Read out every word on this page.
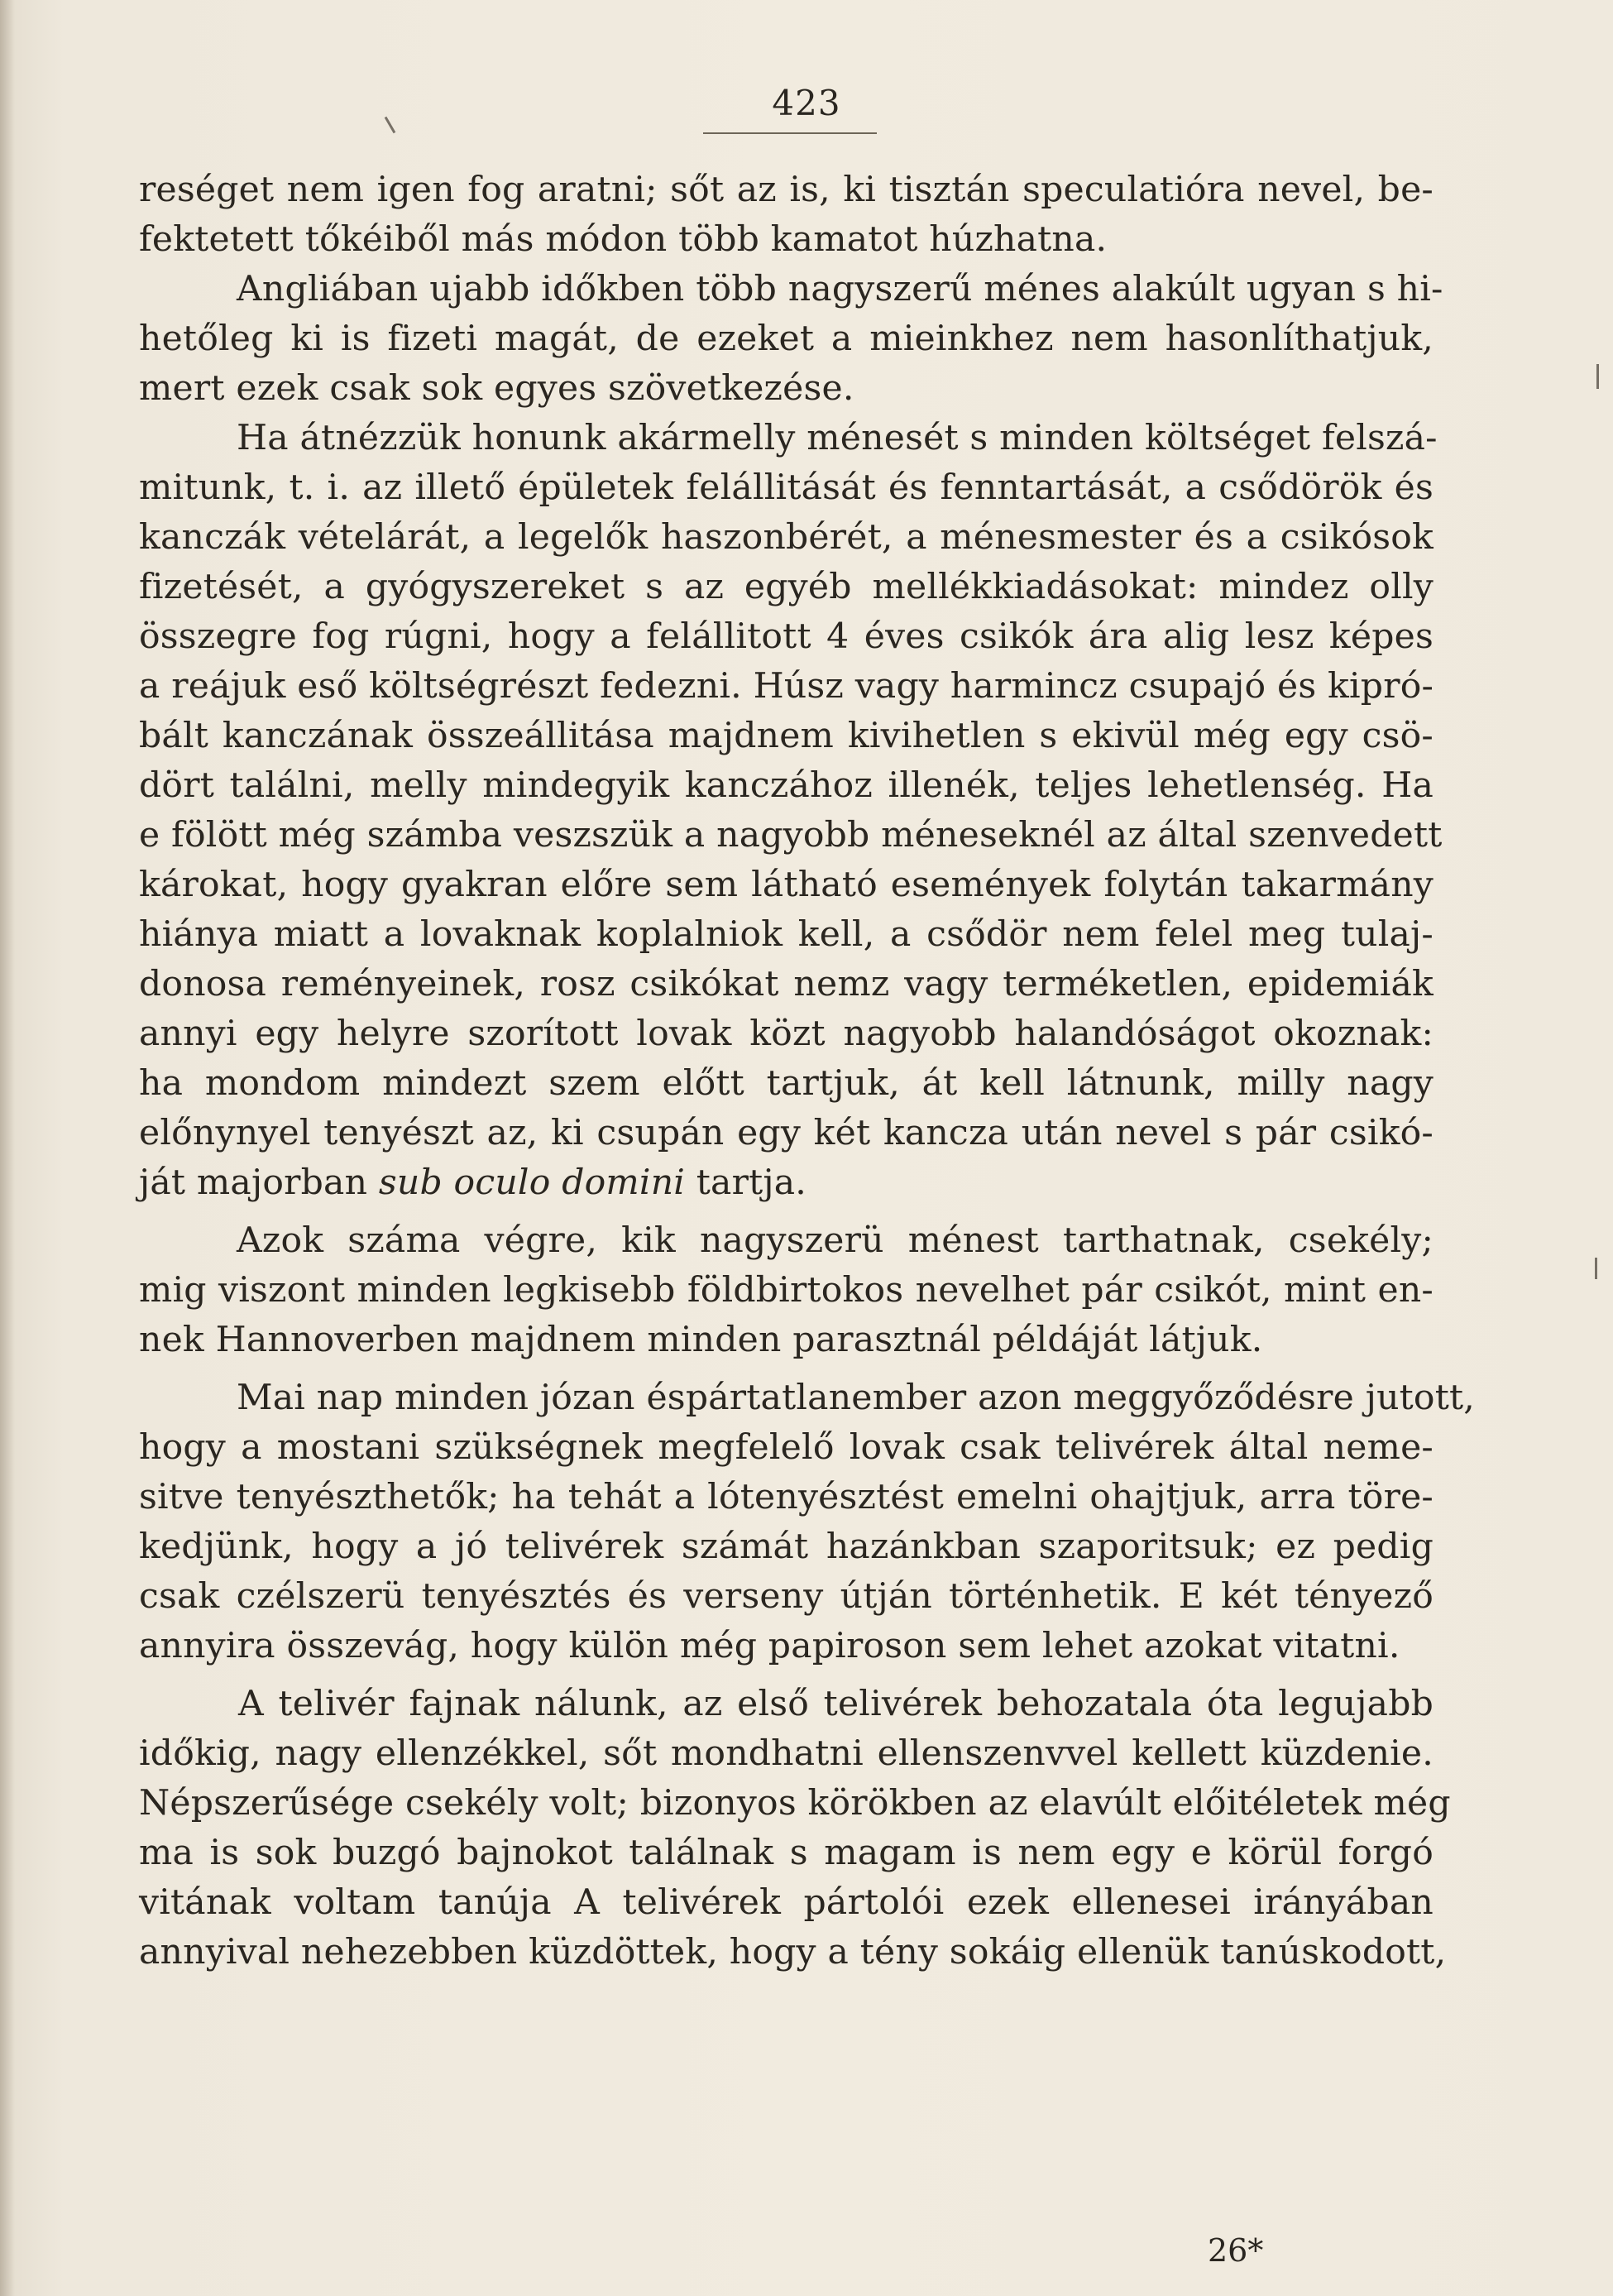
423
reséget nem igen fog aratni; sőt az is, ki tisztán speculatióra nevel, be-
fektetett tőkéiből más módon több kamatot húzhatna.
Angliában ujabb időkben több nagyszerű ménes alakúlt ugyan s hi-
hetőleg ki is fizeti magát, de ezeket a mieinkhez nem hasonlíthatjuk,
mert ezek csak sok egyes szövetkezése.
Ha átnézzük honunk akármelly ménesét s minden költséget felszá-
mitunk, t. i. az illető épületek felállitását és fenntartását, a csődörök és
kanczák vételárát, a legelők haszonbérét, a ménesmester és a csikósok
fizetését, a gyógyszereket s az egyéb mellékkiadásokat: mindez olly
összegre fog rúgni, hogy a felállitott 4 éves csikók ára alig lesz képes
a reájuk eső költségrészt fedezni. Húsz vagy harmincz csupajó és kipró-
bált kanczának összeállitása majdnem kivihetlen s ekivül még egy csö-
dört találni, melly mindegyik kanczához illenék, teljes lehetlenség. Ha
e fölött még számba veszszük a nagyobb méneseknél az által szenvedett
károkat, hogy gyakran előre sem látható események folytán takarmány
hiánya miatt a lovaknak koplalniok kell, a csődör nem felel meg tulaj-
donosa reményeinek, rosz csikókat nemz vagy terméketlen, epidemiák
annyi egy helyre szorított lovak közt nagyobb halandóságot okoznak:
ha mondom mindezt szem előtt tartjuk, át kell látnunk, milly nagy
előnynyel tenyészt az, ki csupán egy két kancza után nevel s pár csikó-
ját majorban sub oculo domini tartja.
Azok száma végre, kik nagyszerü ménest tarthatnak, csekély;
mig viszont minden legkisebb földbirtokos nevelhet pár csikót, mint en-
nek Hannoverben majdnem minden parasztnál példáját látjuk.
Mai nap minden józan éspártatlanember azon meggyőződésre jutott,
hogy a mostani szükségnek megfelelő lovak csak telivérek által neme-
sitve tenyészthetők; ha tehát a lótenyésztést emelni ohajtjuk, arra töre-
kedjünk, hogy a jó telivérek számát hazánkban szaporitsuk; ez pedig
csak czélszerü tenyésztés és verseny útján történhetik. E két tényező
annyira összevág, hogy külön még papiroson sem lehet azokat vitatni.
A telivér fajnak nálunk, az első telivérek behozatala óta legujabb
időkig, nagy ellenzékkel, sőt mondhatni ellenszenvvel kellett küzdenie.
Népszerűsége csekély volt; bizonyos körökben az elavúlt előitéletek még
ma is sok buzgó bajnokot találnak s magam is nem egy e körül forgó
vitának voltam tanúja A telivérek pártolói ezek ellenesei irányában
annyival nehezebben küzdöttek, hogy a tény sokáig ellenük tanúskodott,
26*
